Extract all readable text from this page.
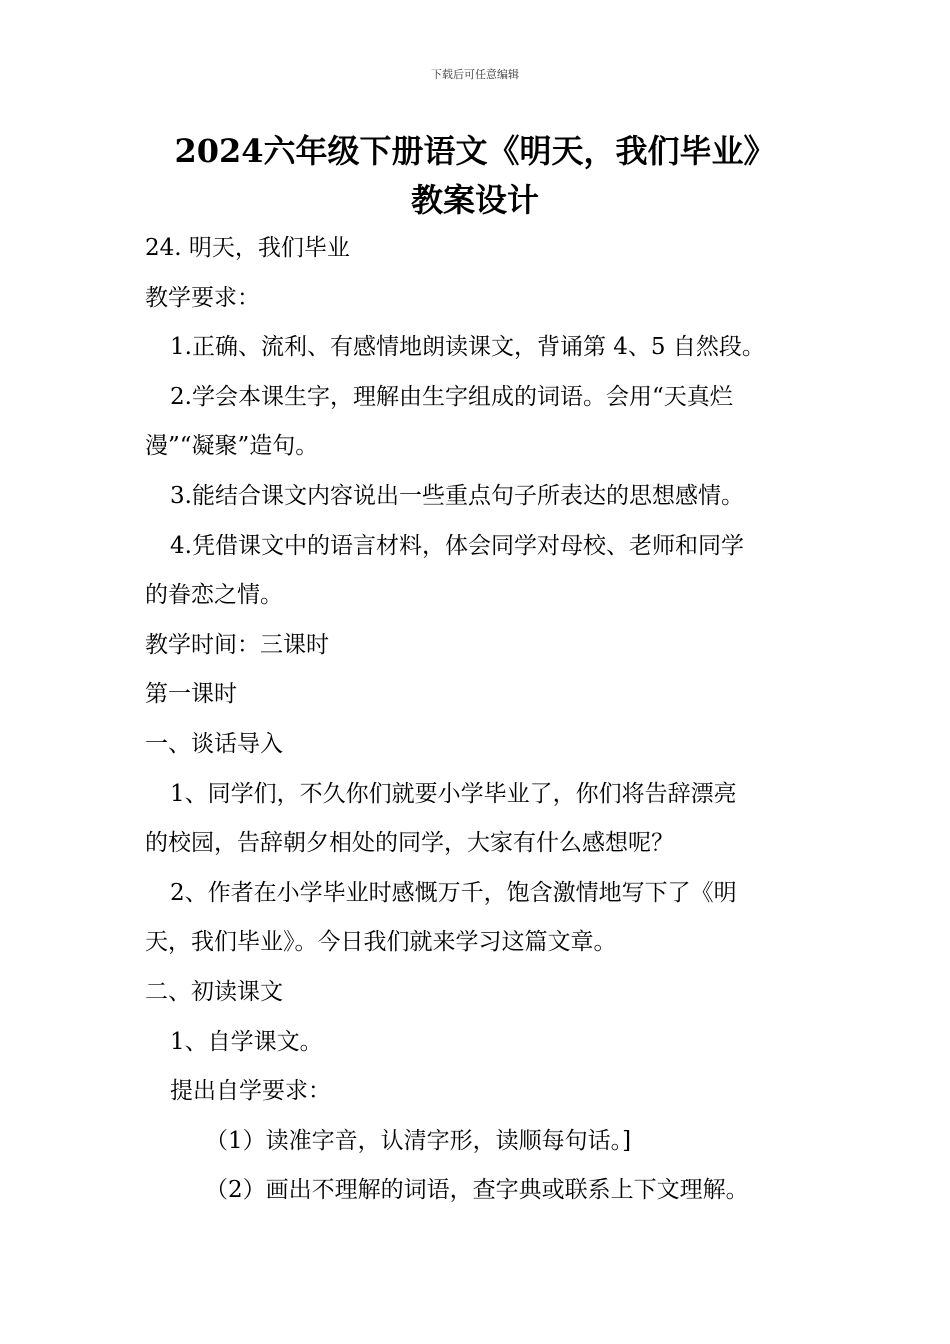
下载后可任意编辑
2024六年级下册语文《明天，我们毕业》
教案设计

24. 明天，我们毕业

教学要求：

1.正确、流利、有感情地朗读课文，背诵第 4、5 自然段。

2.学会本课生字，理解由生字组成的词语。会用“天真烂

漫”“凝聚”造句。

3.能结合课文内容说出一些重点句子所表达的思想感情。

4.凭借课文中的语言材料，体会同学对母校、老师和同学

的眷恋之情。

教学时间：三课时

第一课时

一、谈话导入

1、同学们，不久你们就要小学毕业了，你们将告辞漂亮

的校园，告辞朝夕相处的同学，大家有什么感想呢？

2、作者在小学毕业时感慨万千，饱含激情地写下了《明

天，我们毕业》。今日我们就来学习这篇文章。

二、初读课文

1、自学课文。

提出自学要求：

（1）读准字音，认清字形，读顺每句话。]

（2）画出不理解的词语，查字典或联系上下文理解。
